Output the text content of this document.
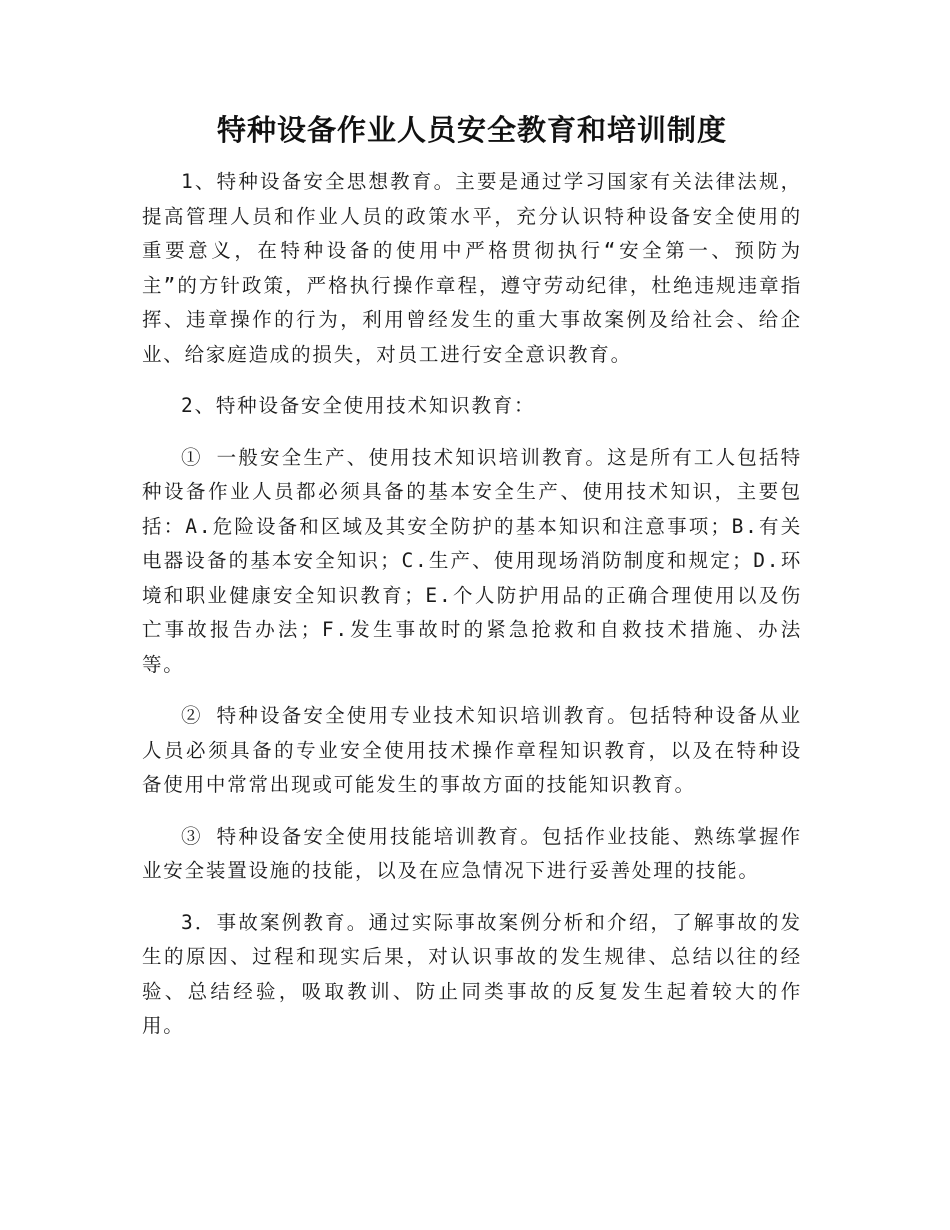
特种设备作业人员安全教育和培训制度

1、特种设备安全思想教育。主要是通过学习国家有关法律法规，提高管理人员和作业人员的政策水平，充分认识特种设备安全使用的重要意义，在特种设备的使用中严格贯彻执行“安全第一、预防为主”的方针政策，严格执行操作章程，遵守劳动纪律，杜绝违规违章指挥、违章操作的行为，利用曾经发生的重大事故案例及给社会、给企业、给家庭造成的损失，对员工进行安全意识教育。

2、特种设备安全使用技术知识教育：

① 一般安全生产、使用技术知识培训教育。这是所有工人包括特种设备作业人员都必须具备的基本安全生产、使用技术知识，主要包括：A.危险设备和区域及其安全防护的基本知识和注意事项；B.有关电器设备的基本安全知识；C.生产、使用现场消防制度和规定；D.环境和职业健康安全知识教育；E.个人防护用品的正确合理使用以及伤亡事故报告办法；F.发生事故时的紧急抢救和自救技术措施、办法等。

② 特种设备安全使用专业技术知识培训教育。包括特种设备从业人员必须具备的专业安全使用技术操作章程知识教育，以及在特种设备使用中常常出现或可能发生的事故方面的技能知识教育。

③ 特种设备安全使用技能培训教育。包括作业技能、熟练掌握作业安全装置设施的技能，以及在应急情况下进行妥善处理的技能。

3．事故案例教育。通过实际事故案例分析和介绍，了解事故的发生的原因、过程和现实后果，对认识事故的发生规律、总结以往的经验、总结经验，吸取教训、防止同类事故的反复发生起着较大的作用。
